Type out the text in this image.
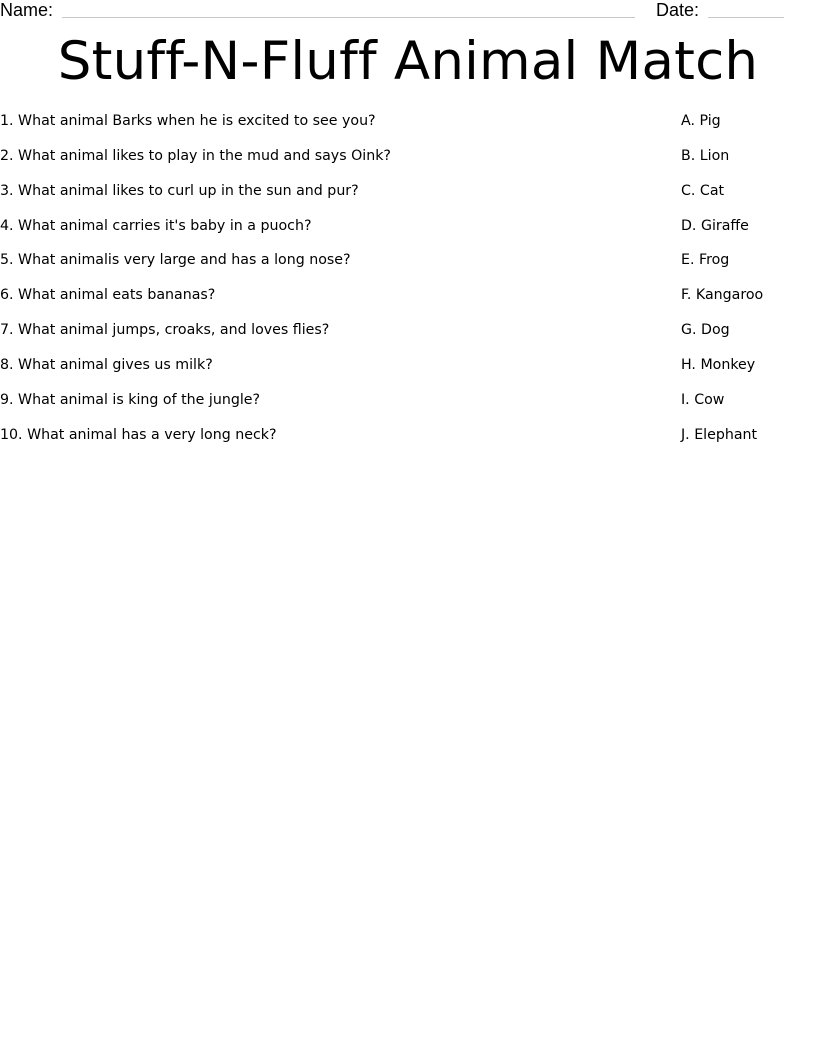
Name:	Date:
Stuff-N-Fluff Animal Match
1. What animal Barks when he is excited to see you?
2. What animal likes to play in the mud and says Oink?
3. What animal likes to curl up in the sun and pur?
4. What animal carries it's baby in a puoch?
5. What animalis very large and has a long nose?
6. What animal eats bananas?
7. What animal jumps, croaks, and loves flies?
8. What animal gives us milk?
9. What animal is king of the jungle?
10. What animal has a very long neck?
A. Pig
B. Lion
C. Cat
D. Giraffe
E. Frog
F. Kangaroo
G. Dog
H. Monkey
I. Cow
J. Elephant
